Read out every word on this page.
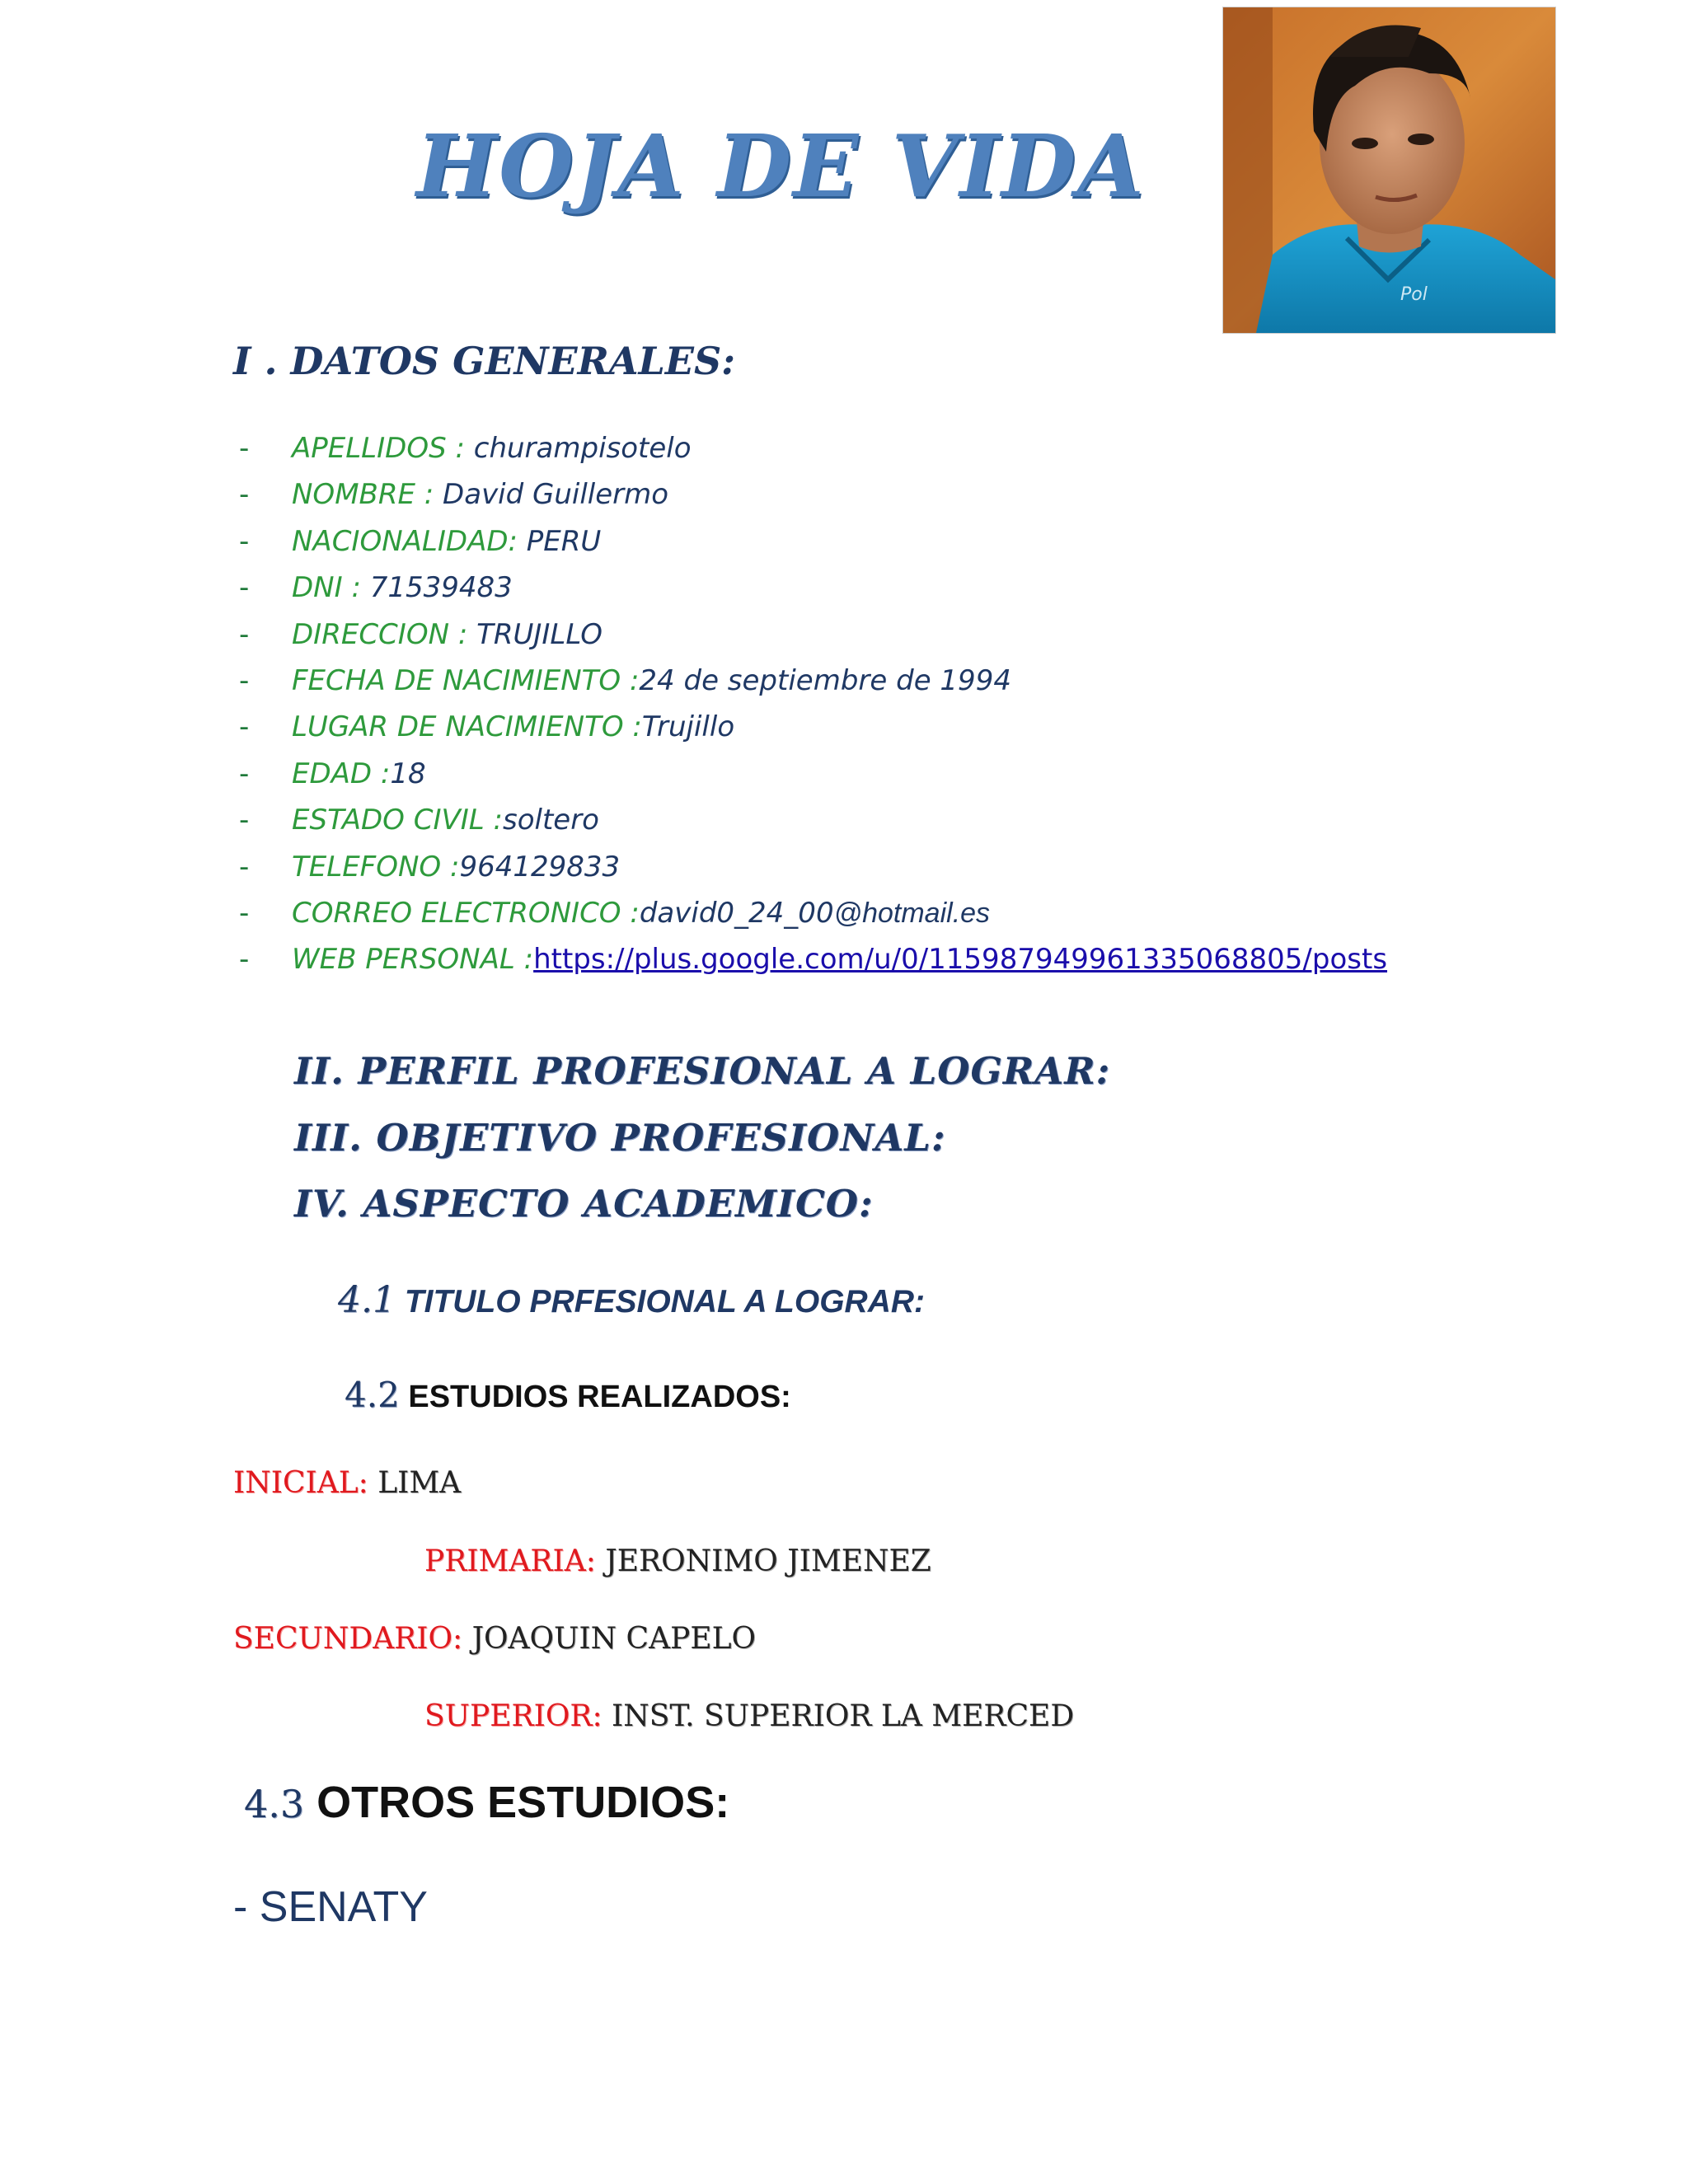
HOJA DE VIDA
Pol
I . DATOS GENERALES:
- APELLIDOS : churampisotelo
- NOMBRE : David Guillermo
- NACIONALIDAD: PERU
- DNI : 71539483
- DIRECCION : TRUJILLO
- FECHA DE NACIMIENTO :24 de septiembre de 1994
- LUGAR DE NACIMIENTO :Trujillo
- EDAD :18
- ESTADO CIVIL :soltero
- TELEFONO :964129833
- CORREO ELECTRONICO :david0_24_00@hotmail.es
- WEB PERSONAL :https://plus.google.com/u/0/115987949961335068805/posts
II. PERFIL PROFESIONAL A LOGRAR:
III. OBJETIVO PROFESIONAL:
IV. ASPECTO ACADEMICO:
4.1 TITULO PRFESIONAL A LOGRAR:
4.2 ESTUDIOS REALIZADOS:
INICIAL: LIMA
PRIMARIA: JERONIMO JIMENEZ
SECUNDARIO: JOAQUIN CAPELO
SUPERIOR: INST. SUPERIOR LA MERCED
4.3 OTROS ESTUDIOS:
- SENATY
